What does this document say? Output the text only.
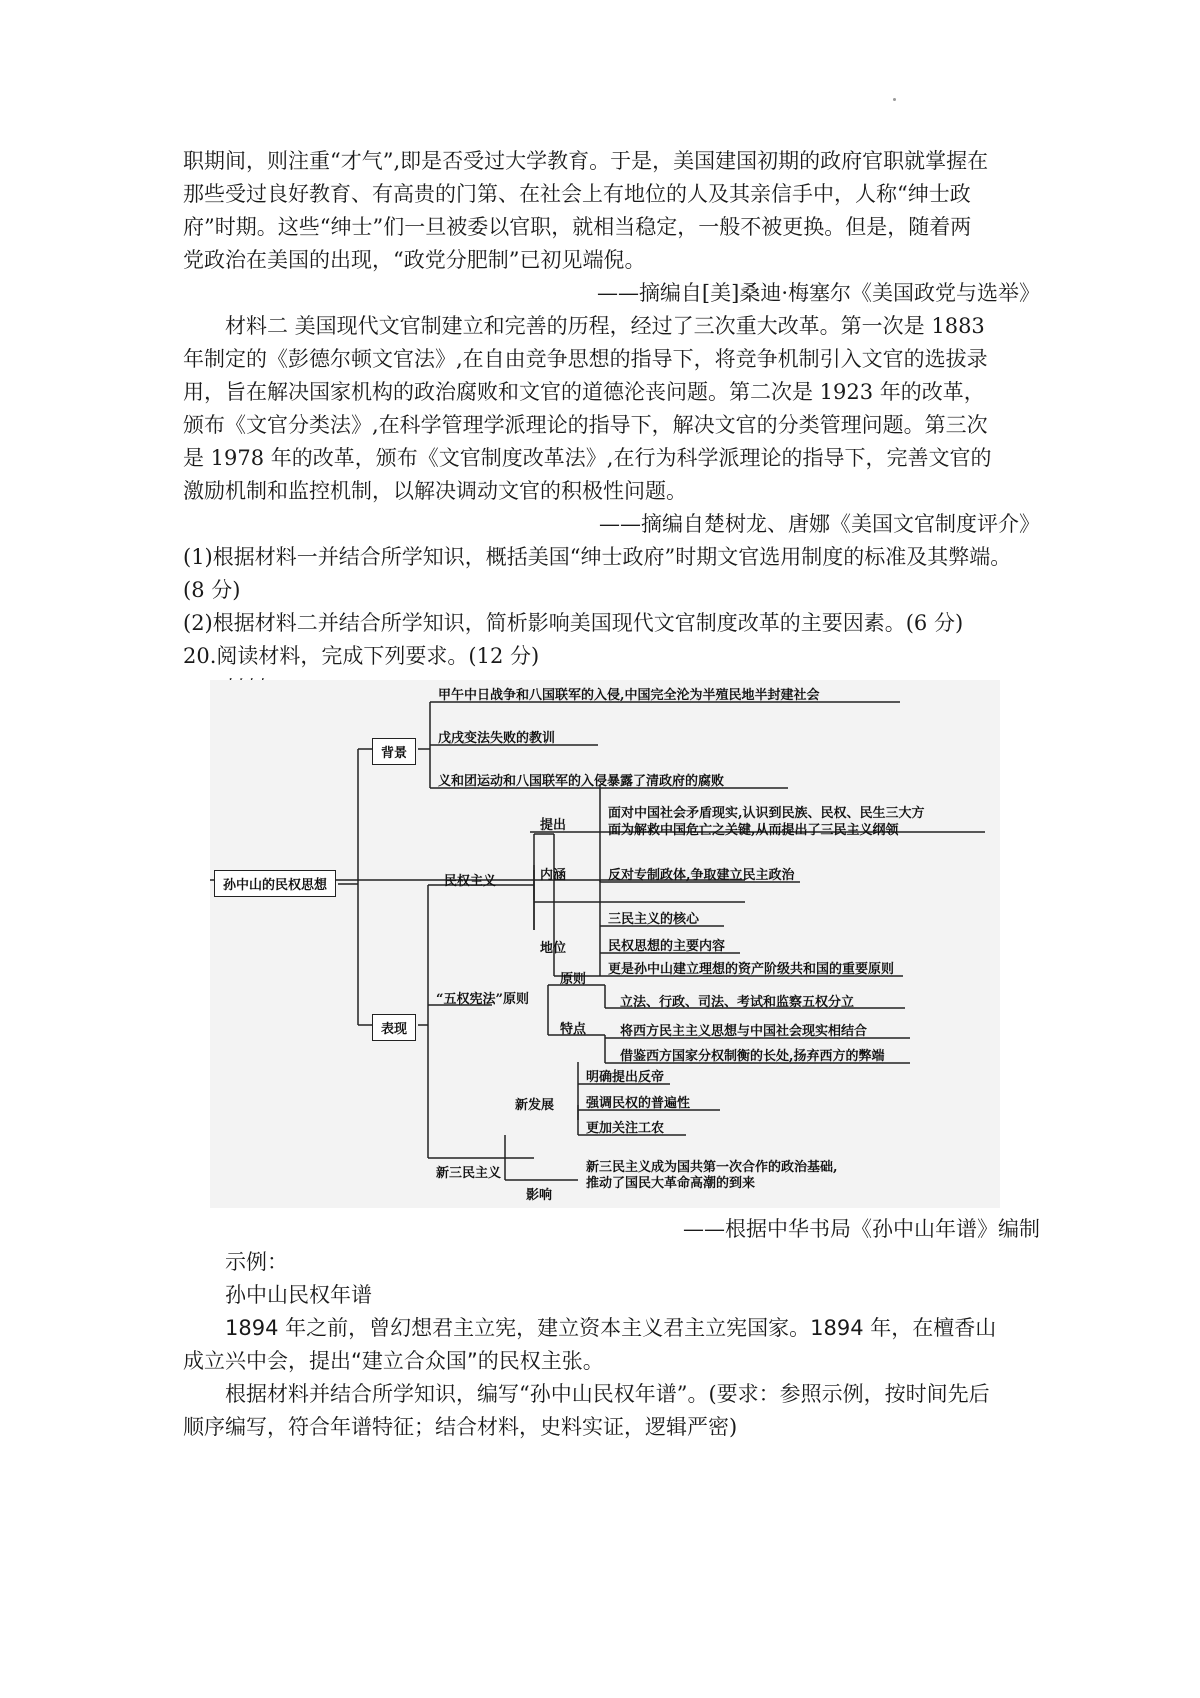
职期间，则注重“才气”,即是否受过大学教育。于是，美国建国初期的政府官职就掌握在
那些受过良好教育、有高贵的门第、在社会上有地位的人及其亲信手中，人称“绅士政
府”时期。这些“绅士”们一旦被委以官职，就相当稳定，一般不被更换。但是，随着两
党政治在美国的出现，“政党分肥制”已初见端倪。

——摘编自[美]桑迪·梅塞尔《美国政党与选举》

材料二 美国现代文官制建立和完善的历程，经过了三次重大改革。第一次是 1883
年制定的《彭德尔顿文官法》,在自由竞争思想的指导下，将竞争机制引入文官的选拔录
用，旨在解决国家机构的政治腐败和文官的道德沦丧问题。第二次是 1923 年的改革，
颁布《文官分类法》,在科学管理学派理论的指导下，解决文官的分类管理问题。第三次
是 1978 年的改革，颁布《文官制度改革法》,在行为科学派理论的指导下，完善文官的
激励机制和监控机制，以解决调动文官的积极性问题。

——摘编自楚树龙、唐娜《美国文官制度评介》

(1)根据材料一并结合所学知识，概括美国“绅士政府”时期文官选用制度的标准及其弊端。
(8 分)

(2)根据材料二并结合所学知识，简析影响美国现代文官制度改革的主要因素。(6 分)

20.阅读材料，完成下列要求。(12 分)

孙中山的民权思想
背景
甲午中日战争和八国联军的入侵,中国完全沦为半殖民地半封建社会
戊戌变法失败的教训
义和团运动和八国联军的入侵暴露了清政府的腐败
表现
民权主义
提出
面对中国社会矛盾现实,认识到民族、民权、民生三大方
面为解救中国危亡之关键,从而提出了三民主义纲领
内涵	反对专制政体,争取建立民主政治
地位
三民主义的核心
民权思想的主要内容
更是孙中山建立理想的资产阶级共和国的重要原则
“五权宪法”原则
原则
立法、行政、司法、考试和监察五权分立
特点	将西方民主主义思想与中国社会现实相结合
借鉴西方国家分权制衡的长处,扬弃西方的弊端
新三民主义
新发展
明确提出反帝
强调民权的普遍性
更加关注工农
影响
新三民主义成为国共第一次合作的政治基础,
推动了国民大革命高潮的到来
——根据中华书局《孙中山年谱》编制

示例：
孙中山民权年谱
1894 年之前，曾幻想君主立宪，建立资本主义君主立宪国家。1894 年，在檀香山
成立兴中会，提出“建立合众国”的民权主张。

根据材料并结合所学知识，编写“孙中山民权年谱”。(要求：参照示例，按时间先后
顺序编写，符合年谱特征；结合材料，史料实证，逻辑严密)
